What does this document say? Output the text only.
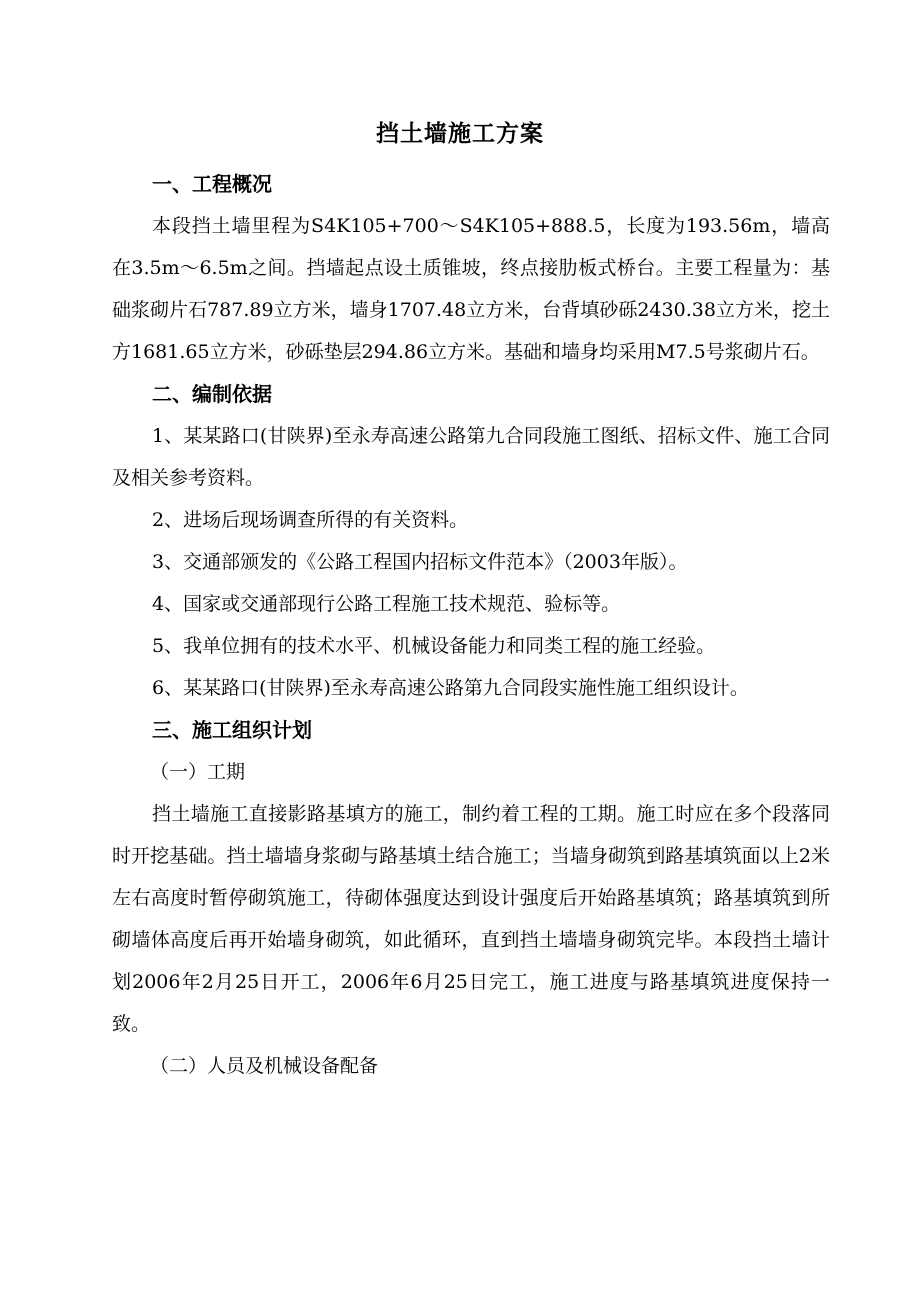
挡土墙施工方案
一、工程概况
本段挡土墙里程为S4K105+700～S4K105+888.5，长度为193.56m，墙高在3.5m～6.5m之间。挡墙起点设土质锥坡，终点接肋板式桥台。主要工程量为：基础浆砌片石787.89立方米，墙身1707.48立方米，台背填砂砾2430.38立方米，挖土方1681.65立方米，砂砾垫层294.86立方米。基础和墙身均采用M7.5号浆砌片石。
二、编制依据
1、某某路口(甘陕界)至永寿高速公路第九合同段施工图纸、招标文件、施工合同及相关参考资料。
2、进场后现场调查所得的有关资料。
3、交通部颁发的《公路工程国内招标文件范本》（2003年版）。
4、国家或交通部现行公路工程施工技术规范、验标等。
5、我单位拥有的技术水平、机械设备能力和同类工程的施工经验。
6、某某路口(甘陕界)至永寿高速公路第九合同段实施性施工组织设计。
三、施工组织计划
（一）工期
挡土墙施工直接影路基填方的施工，制约着工程的工期。施工时应在多个段落同时开挖基础。挡土墙墙身浆砌与路基填土结合施工；当墙身砌筑到路基填筑面以上2米左右高度时暂停砌筑施工，待砌体强度达到设计强度后开始路基填筑；路基填筑到所砌墙体高度后再开始墙身砌筑，如此循环，直到挡土墙墙身砌筑完毕。本段挡土墙计划2006年2月25日开工，2006年6月25日完工，施工进度与路基填筑进度保持一致。
（二）人员及机械设备配备
